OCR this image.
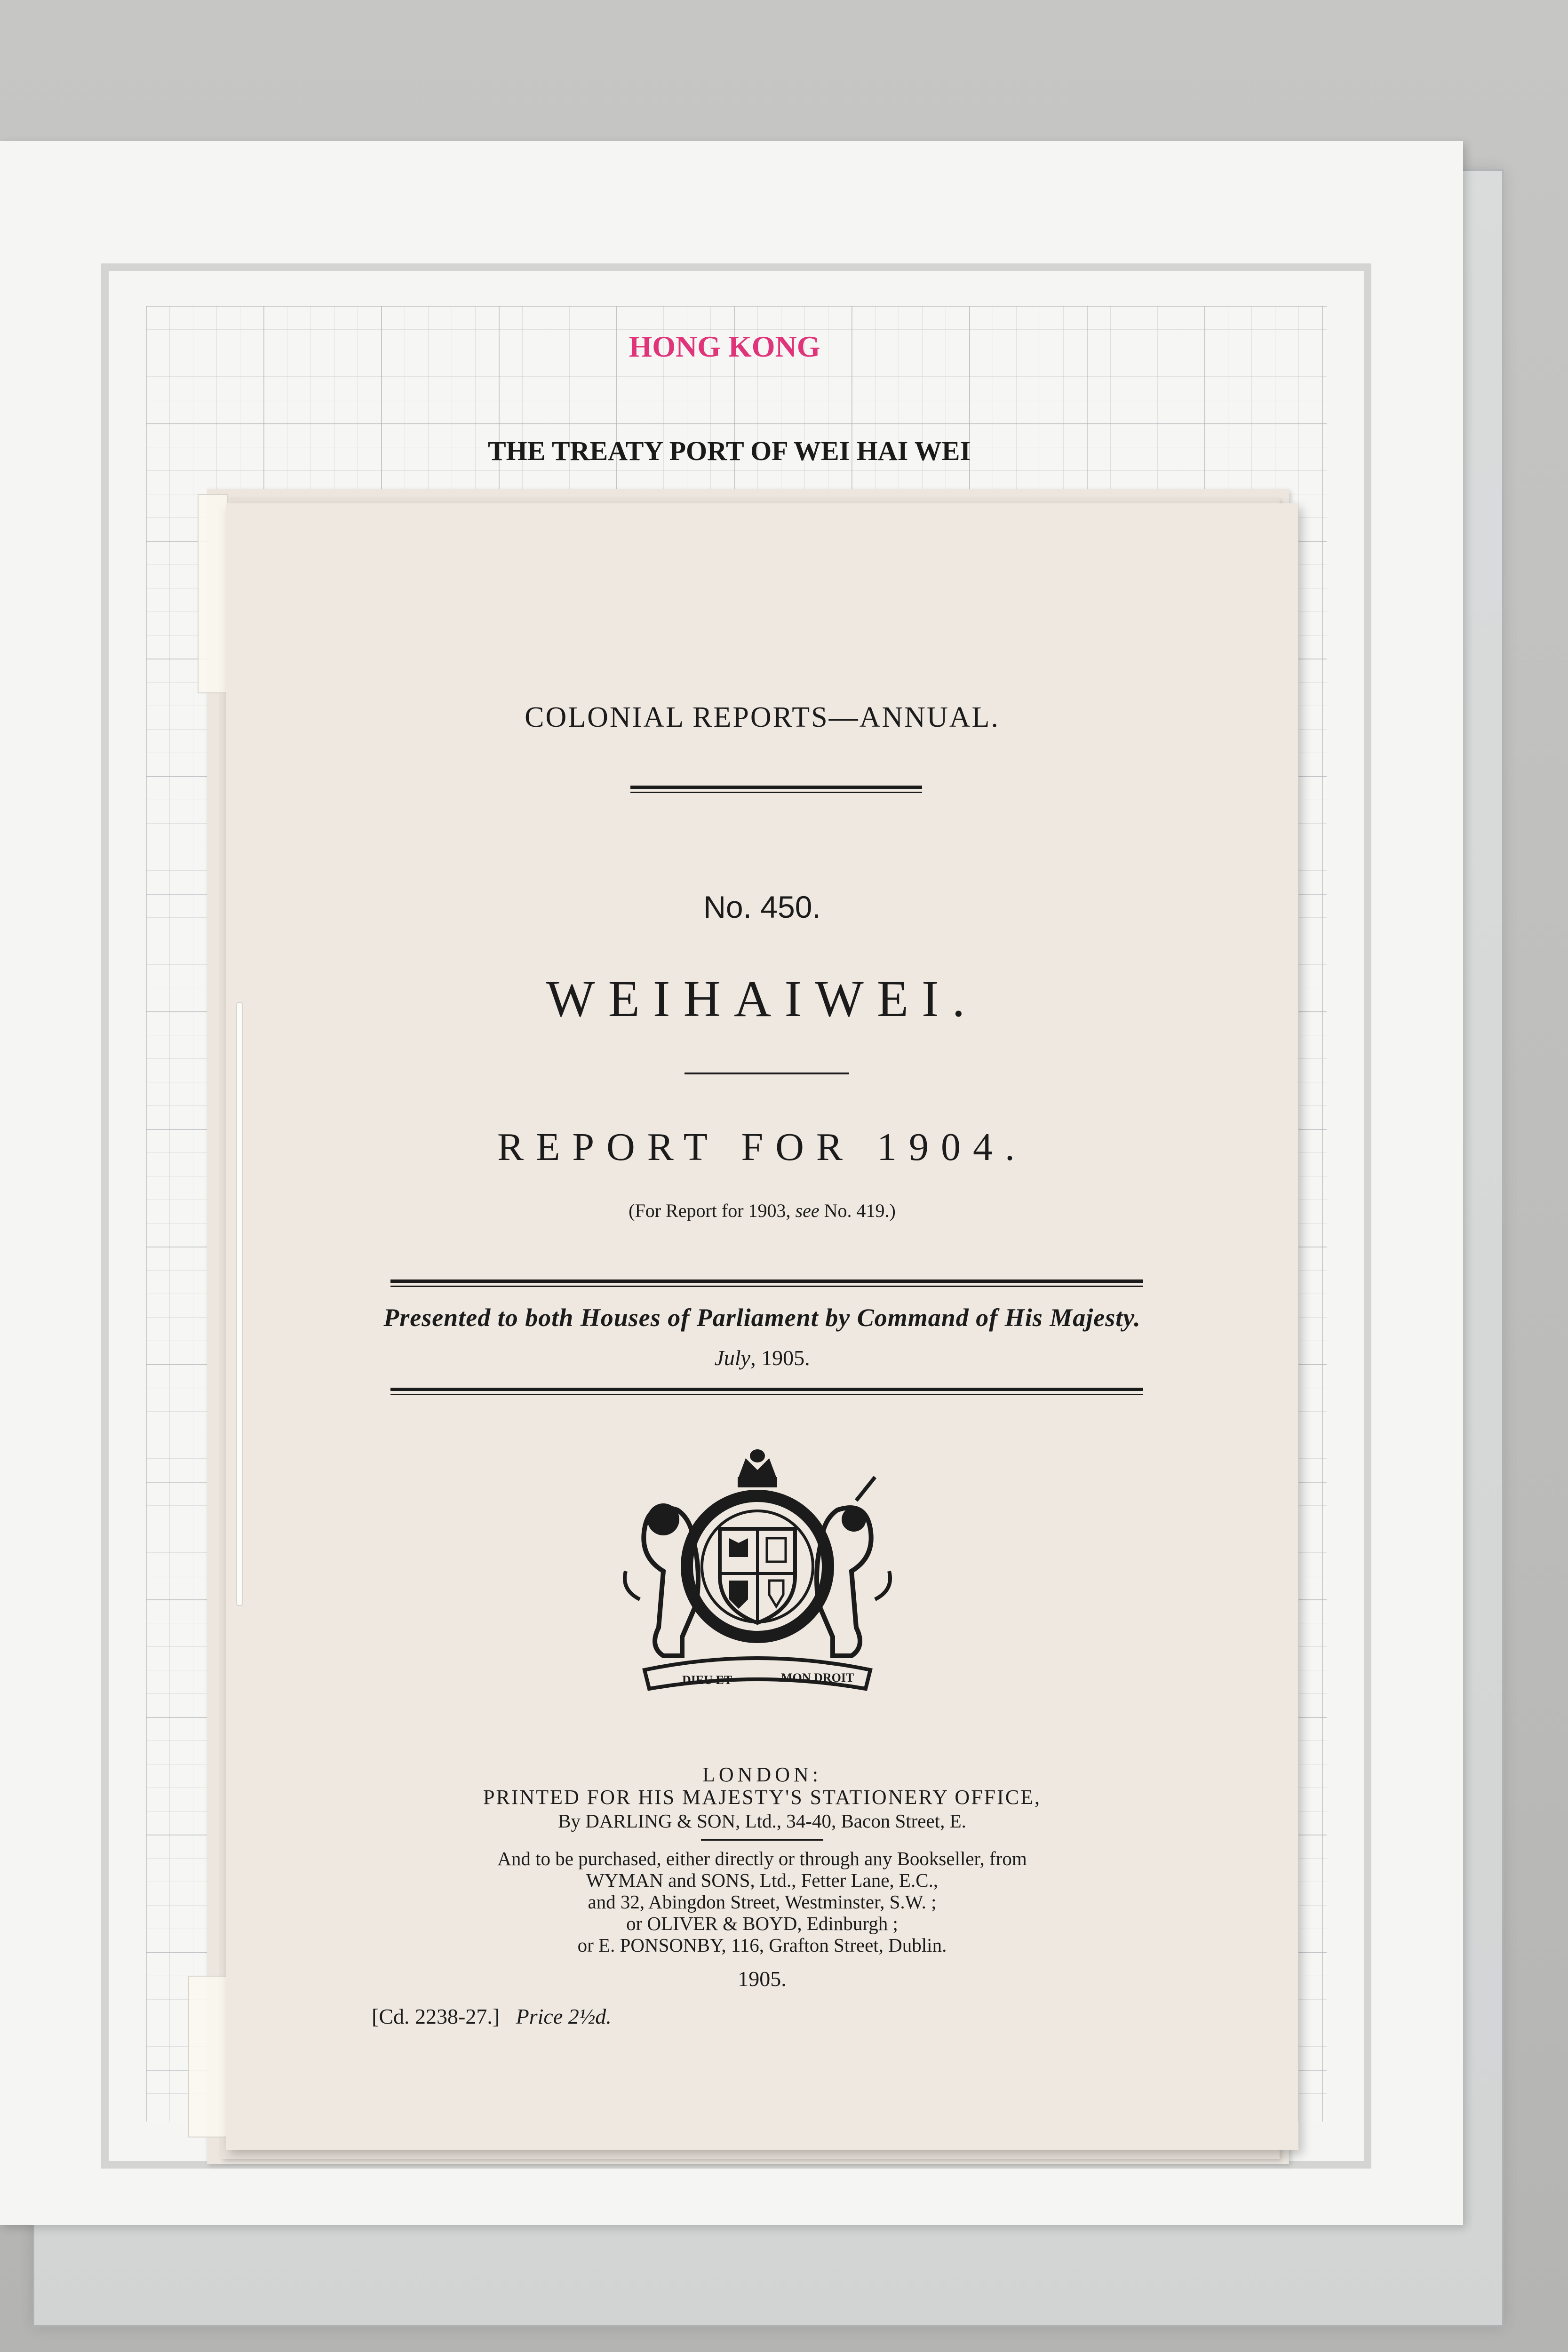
HONG KONG
THE TREATY PORT OF WEI HAI WEI
COLONIAL REPORTS—ANNUAL.
No. 450.
WEIHAIWEI.
REPORT FOR 1904.
(For Report for 1903, see No. 419.)
Presented to both Houses of Parliament by Command of His Majesty.
July, 1905.
DIEU ET	MON DROIT
LONDON:
PRINTED FOR HIS MAJESTY'S STATIONERY OFFICE,
By DARLING & SON, Ltd., 34-40, Bacon Street, E.
And to be purchased, either directly or through any Bookseller, from
WYMAN and SONS, Ltd., Fetter Lane, E.C.,
and 32, Abingdon Street, Westminster, S.W. ;
or OLIVER & BOYD, Edinburgh ;
or E. PONSONBY, 116, Grafton Street, Dublin.
1905.
[Cd. 2238-27.] Price 2½d.
